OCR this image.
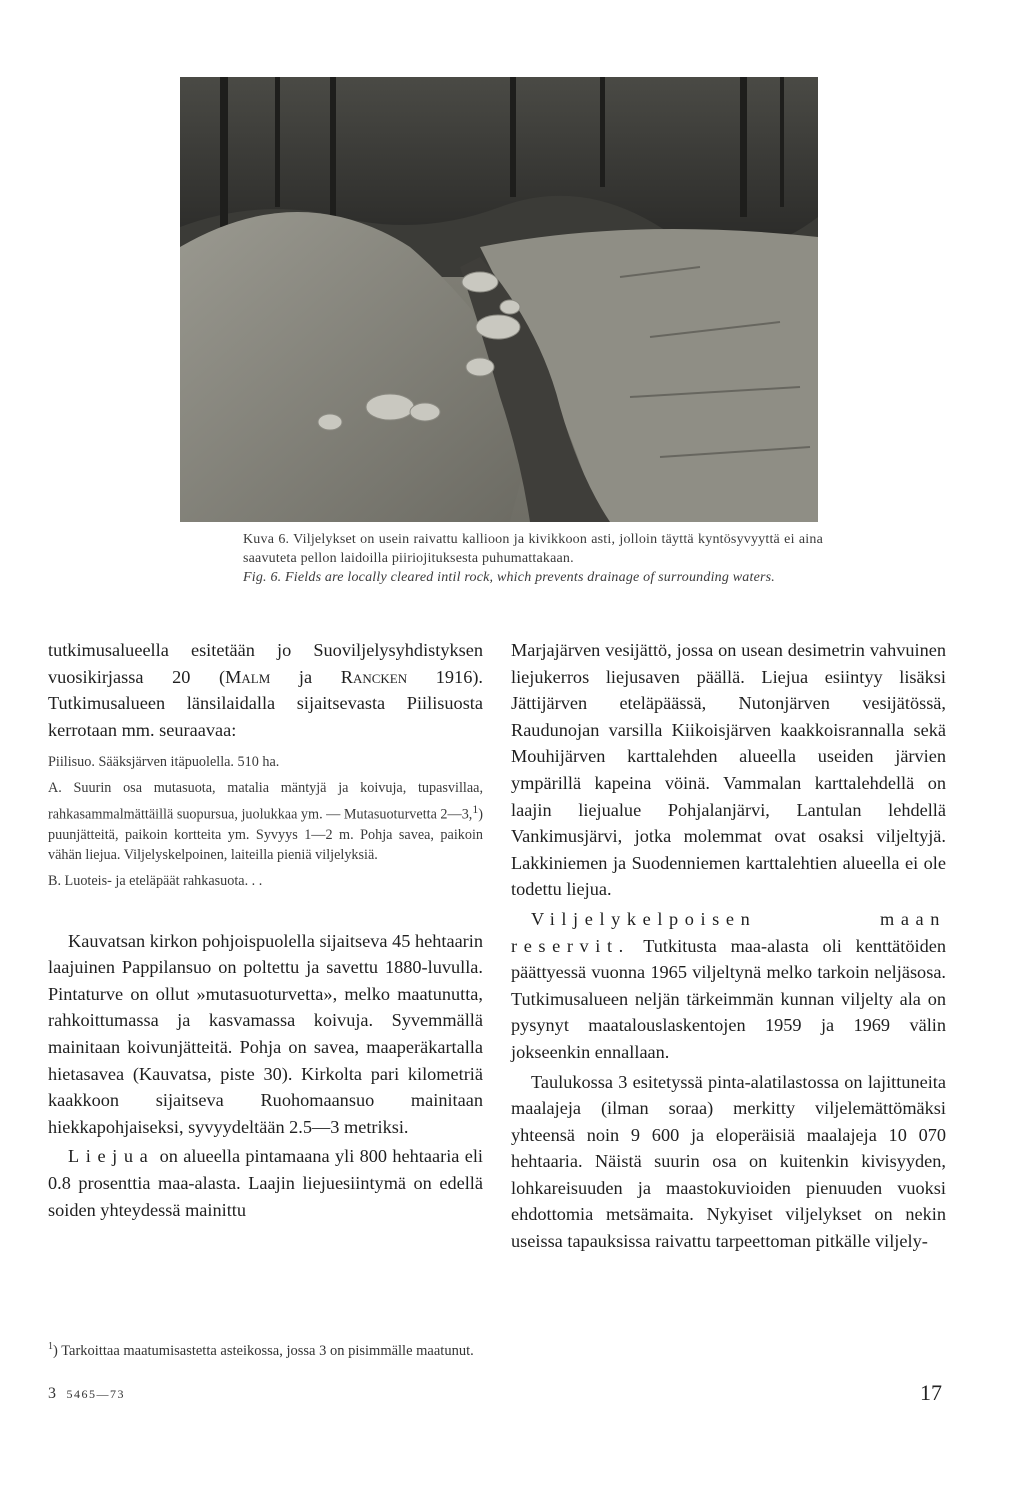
Kuva 6. Viljelykset on usein raivattu kallioon ja kivikkoon asti, jolloin täyttä kyntösyvyyttä ei aina saavuteta pellon laidoilla piiriojituksesta puhumattakaan.

Fig. 6. Fields are locally cleared intil rock, which prevents drainage of surrounding waters.

tutkimusalueella esitetään jo Suoviljelysyhdistyksen vuosikirjassa 20 (Malm ja Rancken 1916). Tutkimusalueen länsilaidalla sijaitsevasta Piilisuosta kerrotaan mm. seuraavaa:

Piilisuo. Sääksjärven itäpuolella. 510 ha.

A. Suurin osa mutasuota, matalia mäntyjä ja koivuja, tupasvillaa, rahkasammalmättäillä suopursua, juolukkaa ym. — Mutasuoturvetta 2—3,$^1$) puunjätteitä, paikoin kortteita ym. Syvyys 1—2 m. Pohja savea, paikoin vähän liejua. Viljelyskelpoinen, laiteilla pieniä viljelyksiä.

B. Luoteis- ja eteläpäät rahkasuota. . .

Kauvatsan kirkon pohjoispuolella sijaitseva 45 hehtaarin laajuinen Pappilansuo on poltettu ja savettu 1880-luvulla. Pintaturve on ollut »mutasuoturvetta», melko maatunutta, rahkoittumassa ja kasvamassa koivuja. Syvemmällä mainitaan koivunjätteitä. Pohja on savea, maaperäkartalla hietasavea (Kauvatsa, piste 30). Kirkolta pari kilometriä kaakkoon sijaitseva Ruohomaansuo mainitaan hiekkapohjaiseksi, syvyydeltään 2.5—3 metriksi.

Liejua on alueella pintamaana yli 800 hehtaaria eli 0.8 prosenttia maa-alasta. Laajin liejuesiintymä on edellä soiden yhteydessä mainittu

Marjajärven vesijättö, jossa on usean desimetrin vahvuinen liejukerros liejusaven päällä. Liejua esiintyy lisäksi Jättijärven eteläpäässä, Nutonjärven vesijätössä, Raudunojan varsilla Kiikoisjärven kaakkoisrannalla sekä Mouhijärven karttalehden alueella useiden järvien ympärillä kapeina vöinä. Vammalan karttalehdellä on laajin liejualue Pohjalanjärvi, Lantulan lehdellä Vankimusjärvi, jotka molemmat ovat osaksi viljeltyjä. Lakkiniemen ja Suodenniemen karttalehtien alueella ei ole todettu liejua.

Viljelykelpoisen maan reservit. Tutkitusta maa-alasta oli kenttätöiden päättyessä vuonna 1965 viljeltynä melko tarkoin neljäsosa. Tutkimusalueen neljän tärkeimmän kunnan viljelty ala on pysynyt maatalouslaskentojen 1959 ja 1969 välin jokseenkin ennallaan.

Taulukossa 3 esitetyssä pinta-alatilastossa on lajittuneita maalajeja (ilman soraa) merkitty viljelemättömäksi yhteensä noin 9 600 ja eloperäisiä maalajeja 10 070 hehtaaria. Näistä suurin osa on kuitenkin kivisyyden, lohkareisuuden ja maastokuvioiden pienuuden vuoksi ehdottomia metsämaita. Nykyiset viljelykset on nekin useissa tapauksissa raivattu tarpeettoman pitkälle viljely-

$^1$) Tarkoittaa maatumisastetta asteikossa, jossa 3 on pisimmälle maatunut.
3 5465—73	17
